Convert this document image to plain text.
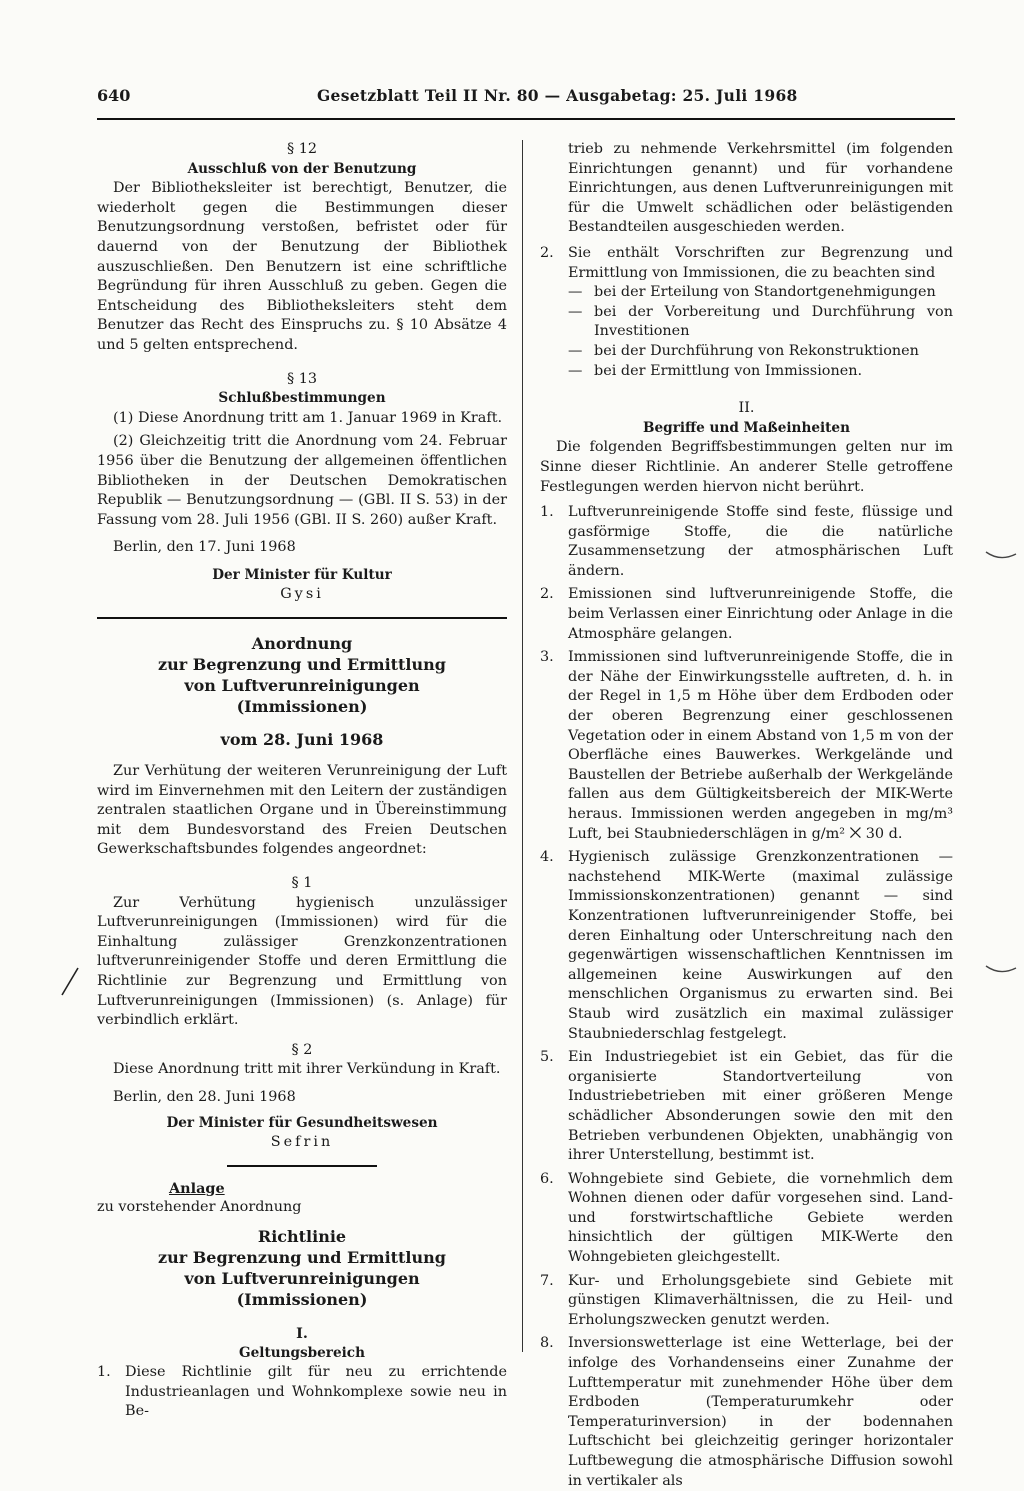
640	Gesetzblatt Teil II Nr. 80 — Ausgabetag: 25. Juli 1968

§ 12

Ausschluß von der Benutzung

Der Bibliotheksleiter ist berechtigt, Benutzer, die wiederholt gegen die Bestimmungen dieser Benutzungsordnung verstoßen, befristet oder für dauernd von der Benutzung der Bibliothek auszuschließen. Den Benutzern ist eine schriftliche Begründung für ihren Ausschluß zu geben. Gegen die Entscheidung des Bibliotheksleiters steht dem Benutzer das Recht des Einspruchs zu. § 10 Absätze 4 und 5 gelten entsprechend.

§ 13

Schlußbestimmungen

(1) Diese Anordnung tritt am 1. Januar 1969 in Kraft.

(2) Gleichzeitig tritt die Anordnung vom 24. Februar 1956 über die Benutzung der allgemeinen öffentlichen Bibliotheken in der Deutschen Demokratischen Republik — Benutzungsordnung — (GBl. II S. 53) in der Fassung vom 28. Juli 1956 (GBl. II S. 260) außer Kraft.

Berlin, den 17. Juni 1968

Der Minister für Kultur

Gysi

Anordnung

zur Begrenzung und Ermittlung

von Luftverunreinigungen

(Immissionen)

vom 28. Juni 1968

Zur Verhütung der weiteren Verunreinigung der Luft wird im Einvernehmen mit den Leitern der zuständigen zentralen staatlichen Organe und in Übereinstimmung mit dem Bundesvorstand des Freien Deutschen Gewerkschaftsbundes folgendes angeordnet:

§ 1

Zur Verhütung hygienisch unzulässiger Luftverunreinigungen (Immissionen) wird für die Einhaltung zulässiger Grenzkonzentrationen luftverunreinigender Stoffe und deren Ermittlung die Richtlinie zur Begrenzung und Ermittlung von Luftverunreinigungen (Immissionen) (s. Anlage) für verbindlich erklärt.

§ 2

Diese Anordnung tritt mit ihrer Verkündung in Kraft.

Berlin, den 28. Juni 1968

Der Minister für Gesundheitswesen

Sefrin

Anlage

zu vorstehender Anordnung

Richtlinie

zur Begrenzung und Ermittlung

von Luftverunreinigungen

(Immissionen)

I.

Geltungsbereich

1. Diese Richtlinie gilt für neu zu errichtende Industrieanlagen und Wohnkomplexe sowie neu in Be-

trieb zu nehmende Verkehrsmittel (im folgenden Einrichtungen genannt) und für vorhandene Einrichtungen, aus denen Luftverunreinigungen mit für die Umwelt schädlichen oder belästigenden Bestandteilen ausgeschieden werden.

2. Sie enthält Vorschriften zur Begrenzung und Ermittlung von Immissionen, die zu beachten sind
— bei der Erteilung von Standortgenehmigungen
— bei der Vorbereitung und Durchführung von Investitionen
— bei der Durchführung von Rekonstruktionen
— bei der Ermittlung von Immissionen.

II.

Begriffe und Maßeinheiten

Die folgenden Begriffsbestimmungen gelten nur im Sinne dieser Richtlinie. An anderer Stelle getroffene Festlegungen werden hiervon nicht berührt.

1. Luftverunreinigende Stoffe sind feste, flüssige und gasförmige Stoffe, die die natürliche Zusammensetzung der atmosphärischen Luft ändern.
2. Emissionen sind luftverunreinigende Stoffe, die beim Verlassen einer Einrichtung oder Anlage in die Atmosphäre gelangen.
3. Immissionen sind luftverunreinigende Stoffe, die in der Nähe der Einwirkungsstelle auftreten, d. h. in der Regel in 1,5 m Höhe über dem Erdboden oder der oberen Begrenzung einer geschlossenen Vegetation oder in einem Abstand von 1,5 m von der Oberfläche eines Bauwerkes. Werkgelände und Baustellen der Betriebe außerhalb der Werkgelände fallen aus dem Gültigkeitsbereich der MIK-Werte heraus. Immissionen werden angegeben in mg/m³ Luft, bei Staubniederschlägen in g/m² ⨉ 30 d.
4. Hygienisch zulässige Grenzkonzentrationen — nachstehend MIK-Werte (maximal zulässige Immissionskonzentrationen) genannt — sind Konzentrationen luftverunreinigender Stoffe, bei deren Einhaltung oder Unterschreitung nach den gegenwärtigen wissenschaftlichen Kenntnissen im allgemeinen keine Auswirkungen auf den menschlichen Organismus zu erwarten sind. Bei Staub wird zusätzlich ein maximal zulässiger Staubniederschlag festgelegt.
5. Ein Industriegebiet ist ein Gebiet, das für die organisierte Standortverteilung von Industriebetrieben mit einer größeren Menge schädlicher Absonderungen sowie den mit den Betrieben verbundenen Objekten, unabhängig von ihrer Unterstellung, bestimmt ist.
6. Wohngebiete sind Gebiete, die vornehmlich dem Wohnen dienen oder dafür vorgesehen sind. Land- und forstwirtschaftliche Gebiete werden hinsichtlich der gültigen MIK-Werte den Wohngebieten gleichgestellt.
7. Kur- und Erholungsgebiete sind Gebiete mit günstigen Klimaverhältnissen, die zu Heil- und Erholungszwecken genutzt werden.
8. Inversionswetterlage ist eine Wetterlage, bei der infolge des Vorhandenseins einer Zunahme der Lufttemperatur mit zunehmender Höhe über dem Erdboden (Temperaturumkehr oder Temperaturinversion) in der bodennahen Luftschicht bei gleichzeitig geringer horizontaler Luftbewegung die atmosphärische Diffusion sowohl in vertikaler als
